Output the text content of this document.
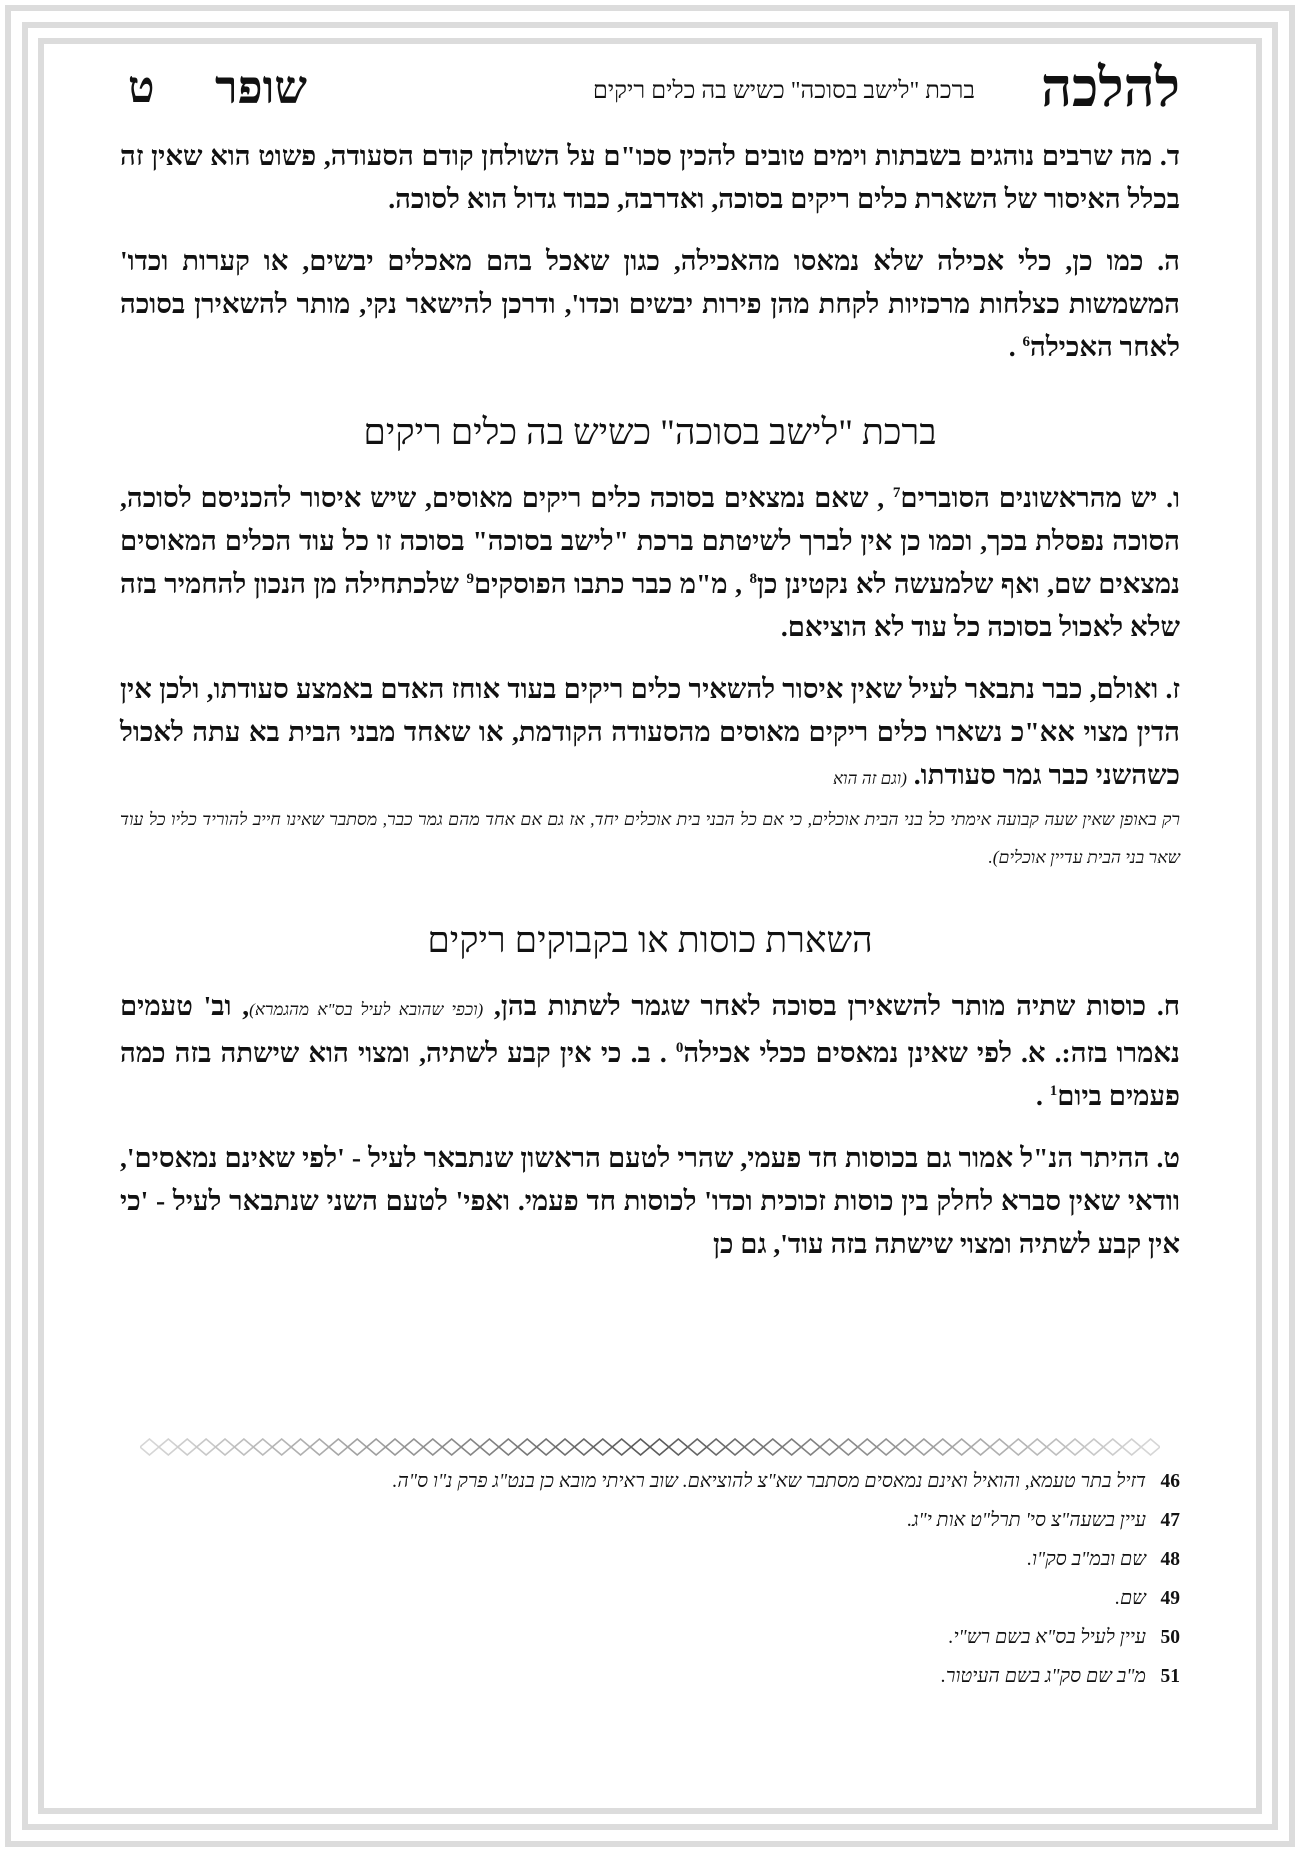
להלכה
ברכת "לישב בסוכה" כשיש בה כלים ריקים
שופר
ט

ד. מה שרבים נוהגים בשבתות וימים טובים להכין סכו"ם על השולחן קודם הסעודה, פשוט הוא שאין זה בכלל האיסור של השארת כלים ריקים בסוכה, ואדרבה, כבוד גדול הוא לסוכה.

ה. כמו כן, כלי אכילה שלא נמאסו מהאכילה, כגון שאכל בהם מאכלים יבשים, או קערות וכדו' המשמשות כצלחות מרכזיות לקחת מהן פירות יבשים וכדו', ודרכן להישאר נקי, מותר להשאירן בסוכה לאחר האכילה$^6$ .

ברכת "לישב בסוכה" כשיש בה כלים ריקים

ו. יש מהראשונים הסוברים$^7$ , שאם נמצאים בסוכה כלים ריקים מאוסים, שיש איסור להכניסם לסוכה, הסוכה נפסלת בכך, וכמו כן אין לברך לשיטתם ברכת "לישב בסוכה" בסוכה זו כל עוד הכלים המאוסים נמצאים שם, ואף שלמעשה לא נקטינן כן$^8$ , מ"מ כבר כתבו הפוסקים$^9$ שלכתחילה מן הנכון להחמיר בזה שלא לאכול בסוכה כל עוד לא הוציאם.

ז. ואולם, כבר נתבאר לעיל שאין איסור להשאיר כלים ריקים בעוד אוחז האדם באמצע סעודתו, ולכן אין הדין מצוי אא"כ נשארו כלים ריקים מאוסים מהסעודה הקודמת, או שאחד מבני הבית בא עתה לאכול כשהשני כבר גמר סעודתו. (וגם זה הוא
רק באופן שאין שעה קבועה אימתי כל בני הבית אוכלים, כי אם כל הבני בית אוכלים יחד, אז גם אם אחד מהם גמר כבר, מסתבר שאינו חייב להוריד כליו כל עוד שאר בני הבית עדיין אוכלים).

השארת כוסות או בקבוקים ריקים

ח. כוסות שתיה מותר להשאירן בסוכה לאחר שגמר לשתות בהן, (וכפי שהובא לעיל בס"א מהגמרא), וב' טעמים נאמרו בזה:. א. לפי שאינן נמאסים ככלי אכילה$^0$ . ב. כי אין קבע לשתיה, ומצוי הוא שישתה בזה כמה פעמים ביום$^1$ .

ט. ההיתר הנ"ל אמור גם בכוסות חד פעמי, שהרי לטעם הראשון שנתבאר לעיל - 'לפי שאינם נמאסים', וודאי שאין סברא לחלק בין כוסות זכוכית וכדו' לכוסות חד פעמי. ואפי' לטעם השני שנתבאר לעיל - 'כי אין קבע לשתיה ומצוי שישתה בזה עוד', גם כן

46דזיל בתר טעמא, והואיל ואינם נמאסים מסתבר שא"צ להוציאם. שוב ראיתי מובא כן בנט"ג פרק נ"ו ס"ה.
47עיין בשעה"צ סי' תרל"ט אות י"ג.
48שם ובמ"ב סק"ו.
49שם.
50עיין לעיל בס"א בשם רש"י.
51מ"ב שם סק"ג בשם העיטור.
